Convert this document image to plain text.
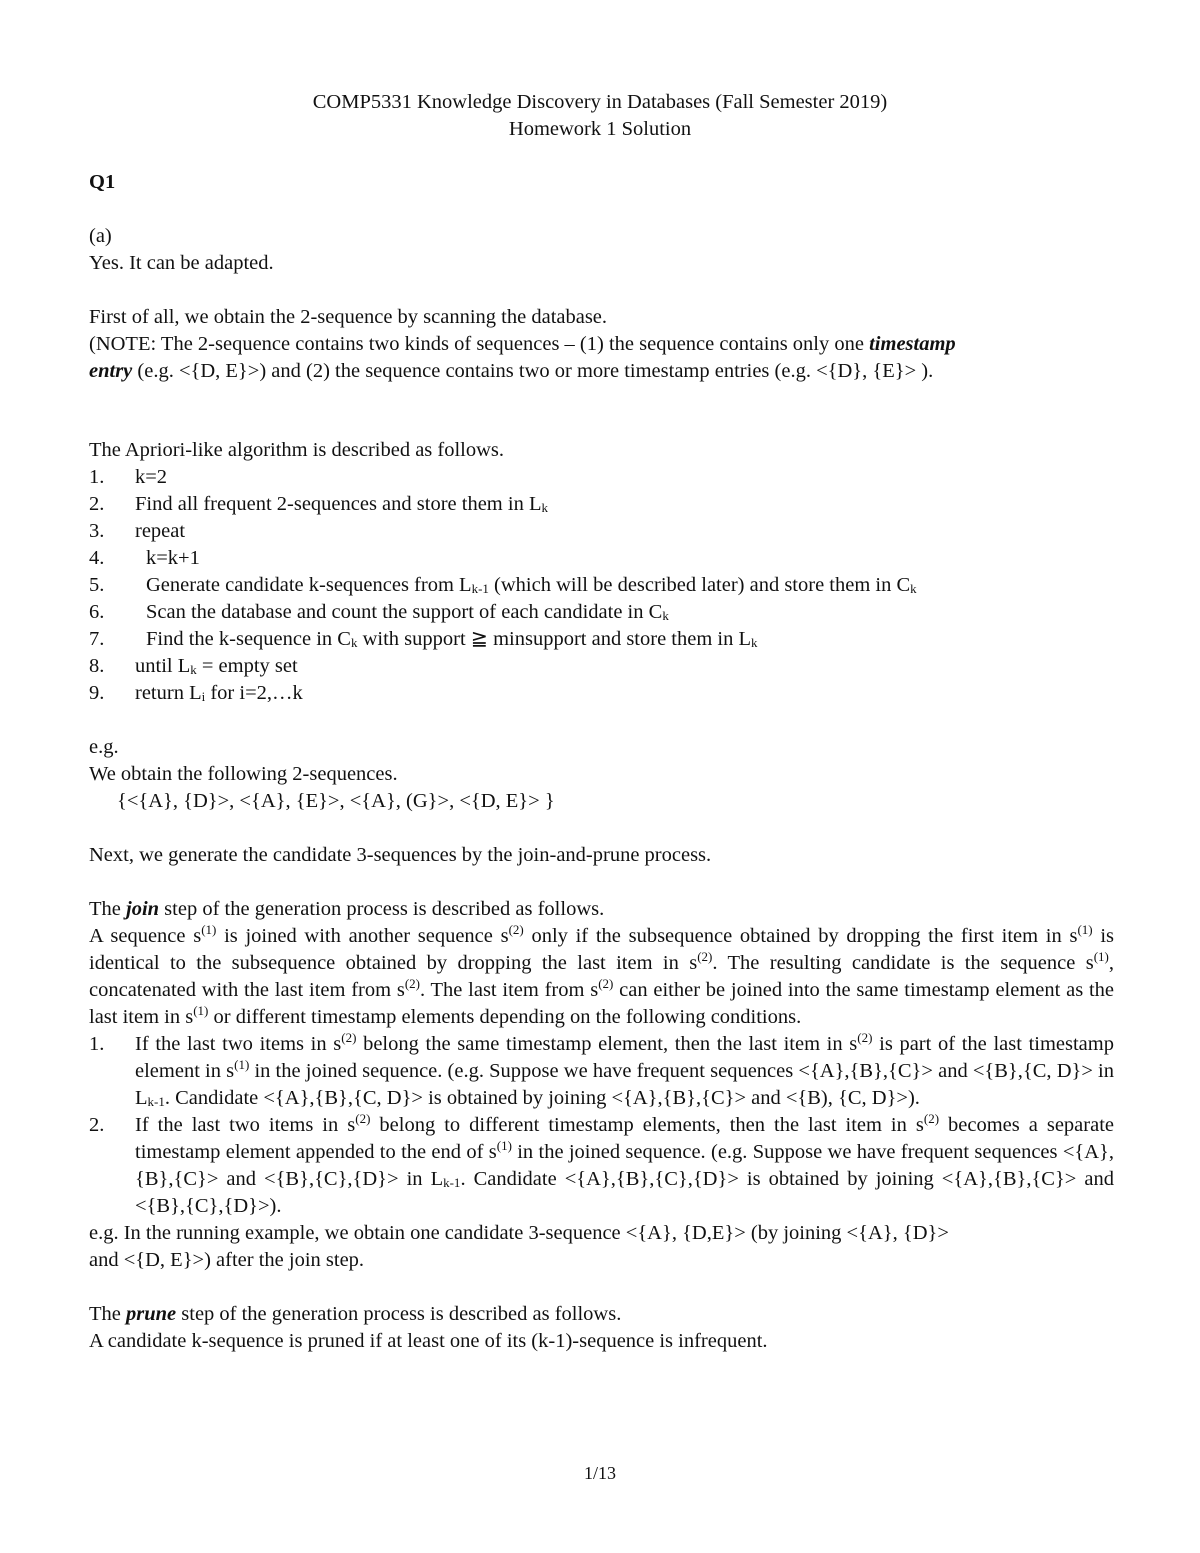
COMP5331 Knowledge Discovery in Databases (Fall Semester 2019)
Homework 1 Solution
Q1
(a)
Yes. It can be adapted.
First of all, we obtain the 2-sequence by scanning the database.
(NOTE: The 2-sequence contains two kinds of sequences – (1) the sequence contains only one timestamp
entry (e.g. <{D, E}>) and (2) the sequence contains two or more timestamp entries (e.g. <{D}, {E}> ).
The Apriori-like algorithm is described as follows.
1. k=2
2. Find all frequent 2-sequences and store them in $L_k$
3. repeat
4. k=k+1
5. Generate candidate k-sequences from $L_{k-1}$ (which will be described later) and store them in $C_k$
6. Scan the database and count the support of each candidate in $C_k$
7. Find the k-sequence in $C_k$ with support ≧ minsupport and store them in $L_k$
8. until $L_k$ = empty set
9. return $L_i$ for i=2,…k
e.g.
We obtain the following 2-sequences.
{<{A}, {D}>, <{A}, {E}>, <{A}, (G}>, <{D, E}> }
Next, we generate the candidate 3-sequences by the join-and-prune process.
The join step of the generation process is described as follows.
A sequence $s^{(1)}$ is joined with another sequence $s^{(2)}$ only if the subsequence obtained by dropping the first item in $s^{(1)}$ is identical to the subsequence obtained by dropping the last item in $s^{(2)}$. The resulting candidate is the sequence $s^{(1)}$, concatenated with the last item from $s^{(2)}$. The last item from $s^{(2)}$ can either be joined into the same timestamp element as the last item in $s^{(1)}$ or different timestamp elements depending on the following conditions.
1. If the last two items in $s^{(2)}$ belong the same timestamp element, then the last item in $s^{(2)}$ is part of the last timestamp element in $s^{(1)}$ in the joined sequence. (e.g. Suppose we have frequent sequences <{A},{B},{C}> and <{B},{C, D}> in $L_{k-1}$. Candidate <{A},{B},{C, D}> is obtained by joining <{A},{B},{C}> and <{B), {C, D}>).
2. If the last two items in $s^{(2)}$ belong to different timestamp elements, then the last item in $s^{(2)}$ becomes a separate timestamp element appended to the end of $s^{(1)}$ in the joined sequence. (e.g. Suppose we have frequent sequences <{A},{B},{C}> and <{B},{C},{D}> in $L_{k-1}$. Candidate <{A},{B},{C},{D}> is obtained by joining <{A},{B},{C}> and <{B},{C},{D}>).
e.g. In the running example, we obtain one candidate 3-sequence <{A}, {D,E}> (by joining <{A}, {D}>
and <{D, E}>) after the join step.
The prune step of the generation process is described as follows.
A candidate k-sequence is pruned if at least one of its (k-1)-sequence is infrequent.
1/13
